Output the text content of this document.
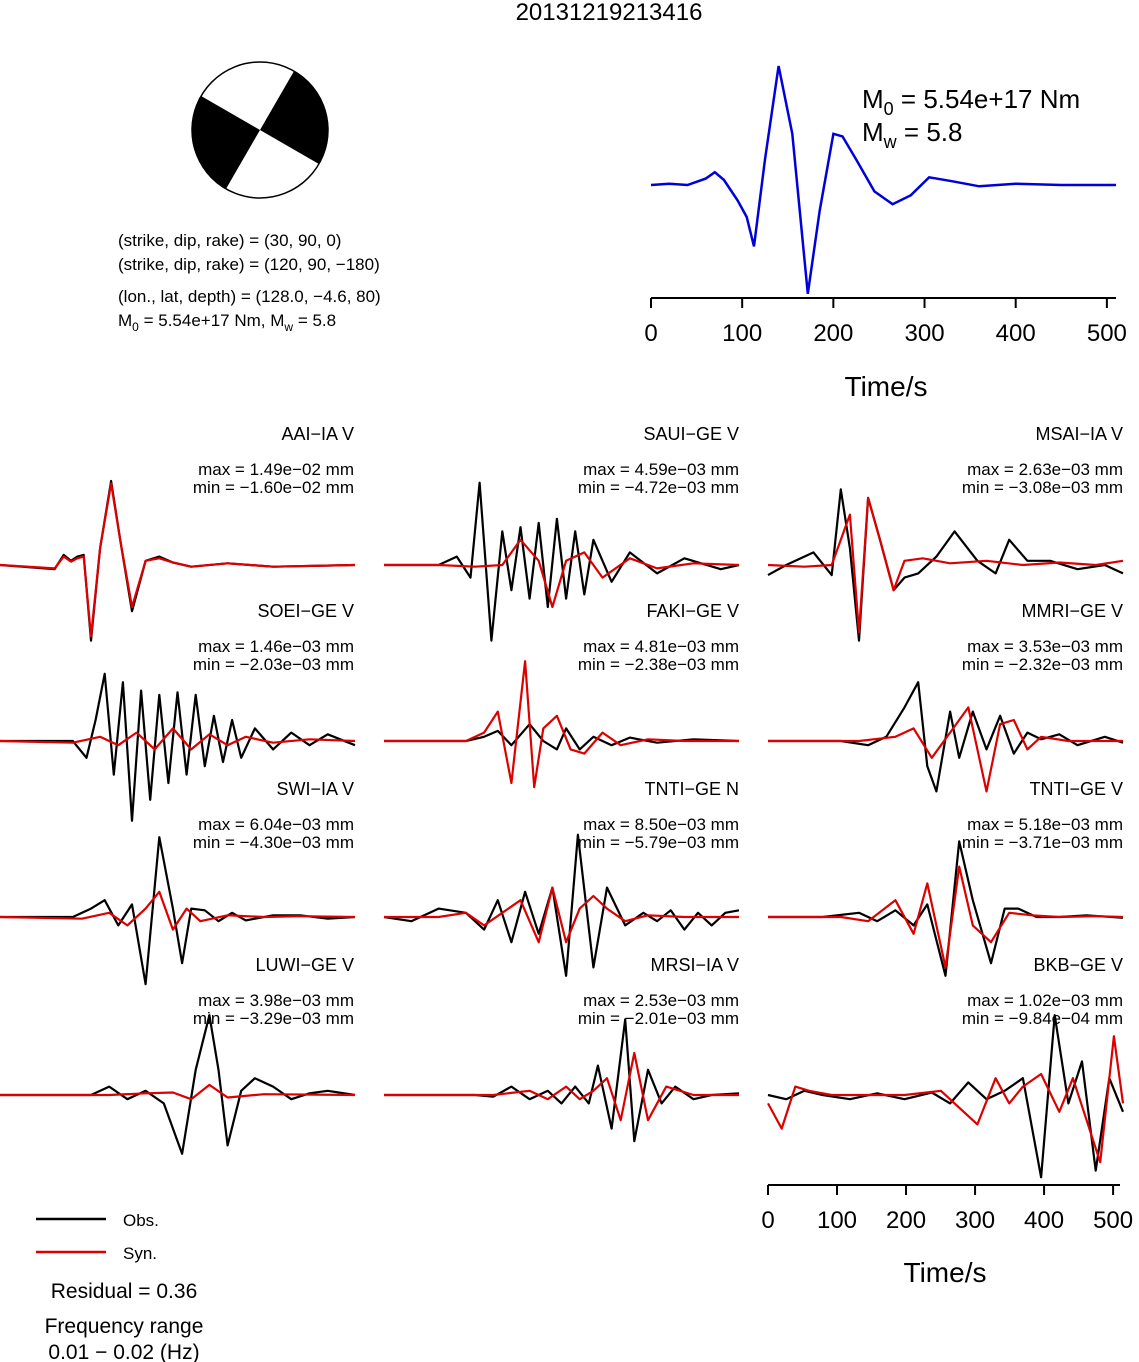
20131219213416
(strike, dip, rake) = (30, 90, 0)
(strike, dip, rake) = (120, 90, −180)
(lon., lat, depth) = (128.0, −4.6, 80)
$M_0 = 5.54e+17$ Nm, $M_w = 5.8$
$M_0 = 5.54e+17$ Nm
$M_w = 5.8$
0	100 200 300 400 500
Time/s
AAI−IA V
max = 1.49e−02 mm
min = −1.60e−02 mm
SAUI−GE V
max = 4.59e−03 mm
min = −4.72e−03 mm
MSAI−IA V
max = 2.63e−03 mm
min = −3.08e−03 mm
SOEI−GE V
max = 1.46e−03 mm
min = −2.03e−03 mm
FAKI−GE V
max = 4.81e−03 mm
min = −2.38e−03 mm
MMRI−GE V
max = 3.53e−03 mm
min = −2.32e−03 mm
SWI−IA V
max = 6.04e−03 mm
min = −4.30e−03 mm
TNTI−GE N
max = 8.50e−03 mm
min = −5.79e−03 mm
TNTI−GE V
max = 5.18e−03 mm
min = −3.71e−03 mm
LUWI−GE V
max = 3.98e−03 mm
min = −3.29e−03 mm
MRSI−IA V
max = 2.53e−03 mm
min = −2.01e−03 mm
BKB−GE V
max = 1.02e−03 mm
min = −9.84e−04 mm
0 100 200 300 400 500
Time/s
Obs.
Syn.
Residual = 0.36
Frequency range
0.01 − 0.02 (Hz)
